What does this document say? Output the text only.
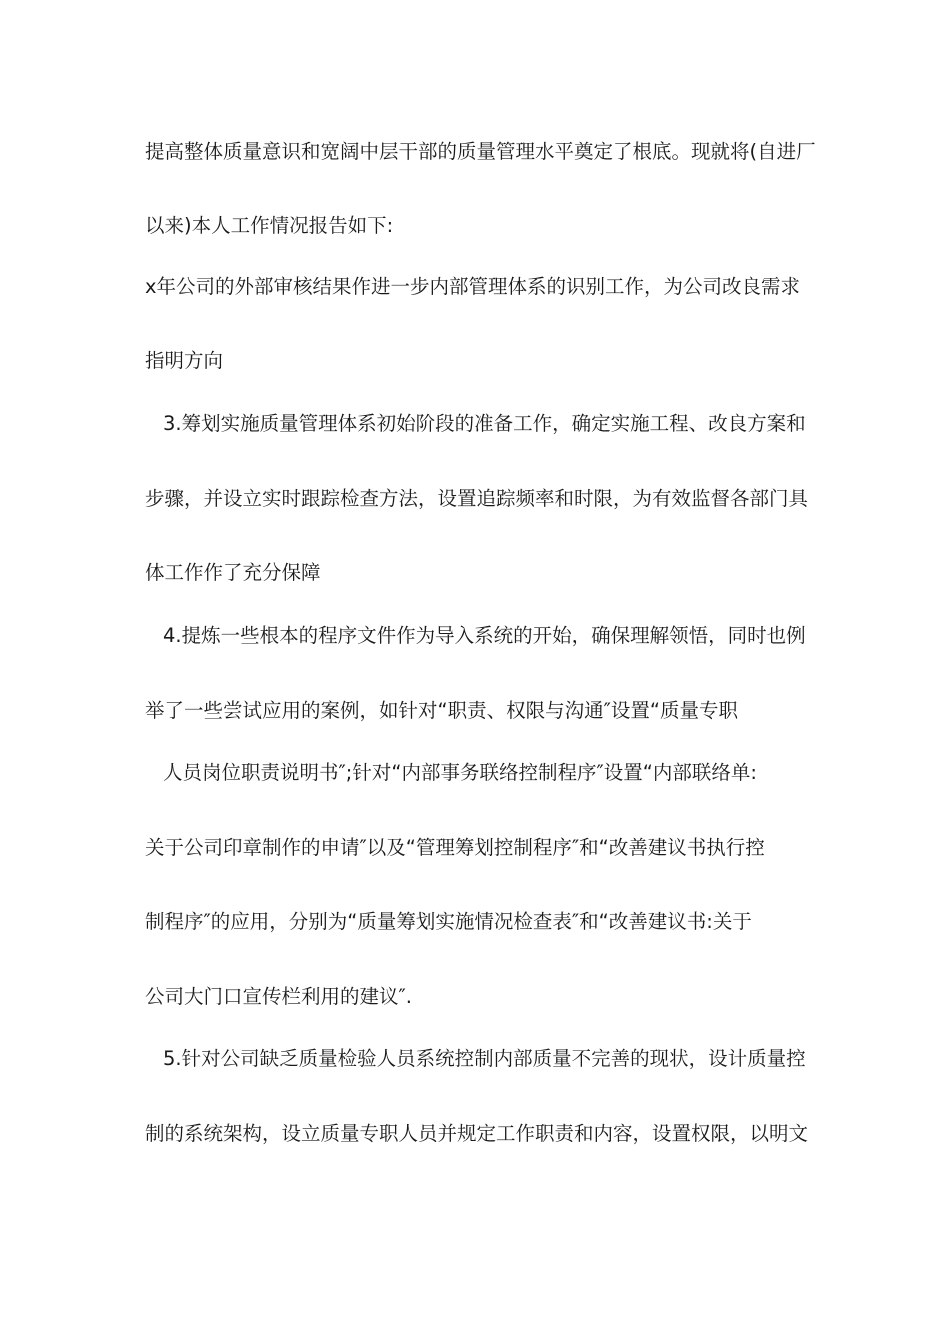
提高整体质量意识和宽阔中层干部的质量管理水平奠定了根底。现就将(自进厂
以来)本人工作情况报告如下:
x年公司的外部审核结果作进一步内部管理体系的识别工作，为公司改良需求
指明方向
3.筹划实施质量管理体系初始阶段的准备工作，确定实施工程、改良方案和
步骤，并设立实时跟踪检查方法，设置追踪频率和时限，为有效监督各部门具
体工作作了充分保障
4.提炼一些根本的程序文件作为导入系统的开始，确保理解领悟，同时也例
举了一些尝试应用的案例，如针对“职责、权限与沟通″设置“质量专职
人员岗位职责说明书″;针对“内部事务联络控制程序″设置“内部联络单:
关于公司印章制作的申请″以及“管理筹划控制程序″和“改善建议书执行控
制程序″的应用，分别为“质量筹划实施情况检查表″和“改善建议书:关于
公司大门口宣传栏利用的建议″.
5.针对公司缺乏质量检验人员系统控制内部质量不完善的现状，设计质量控
制的系统架构，设立质量专职人员并规定工作职责和内容，设置权限，以明文
